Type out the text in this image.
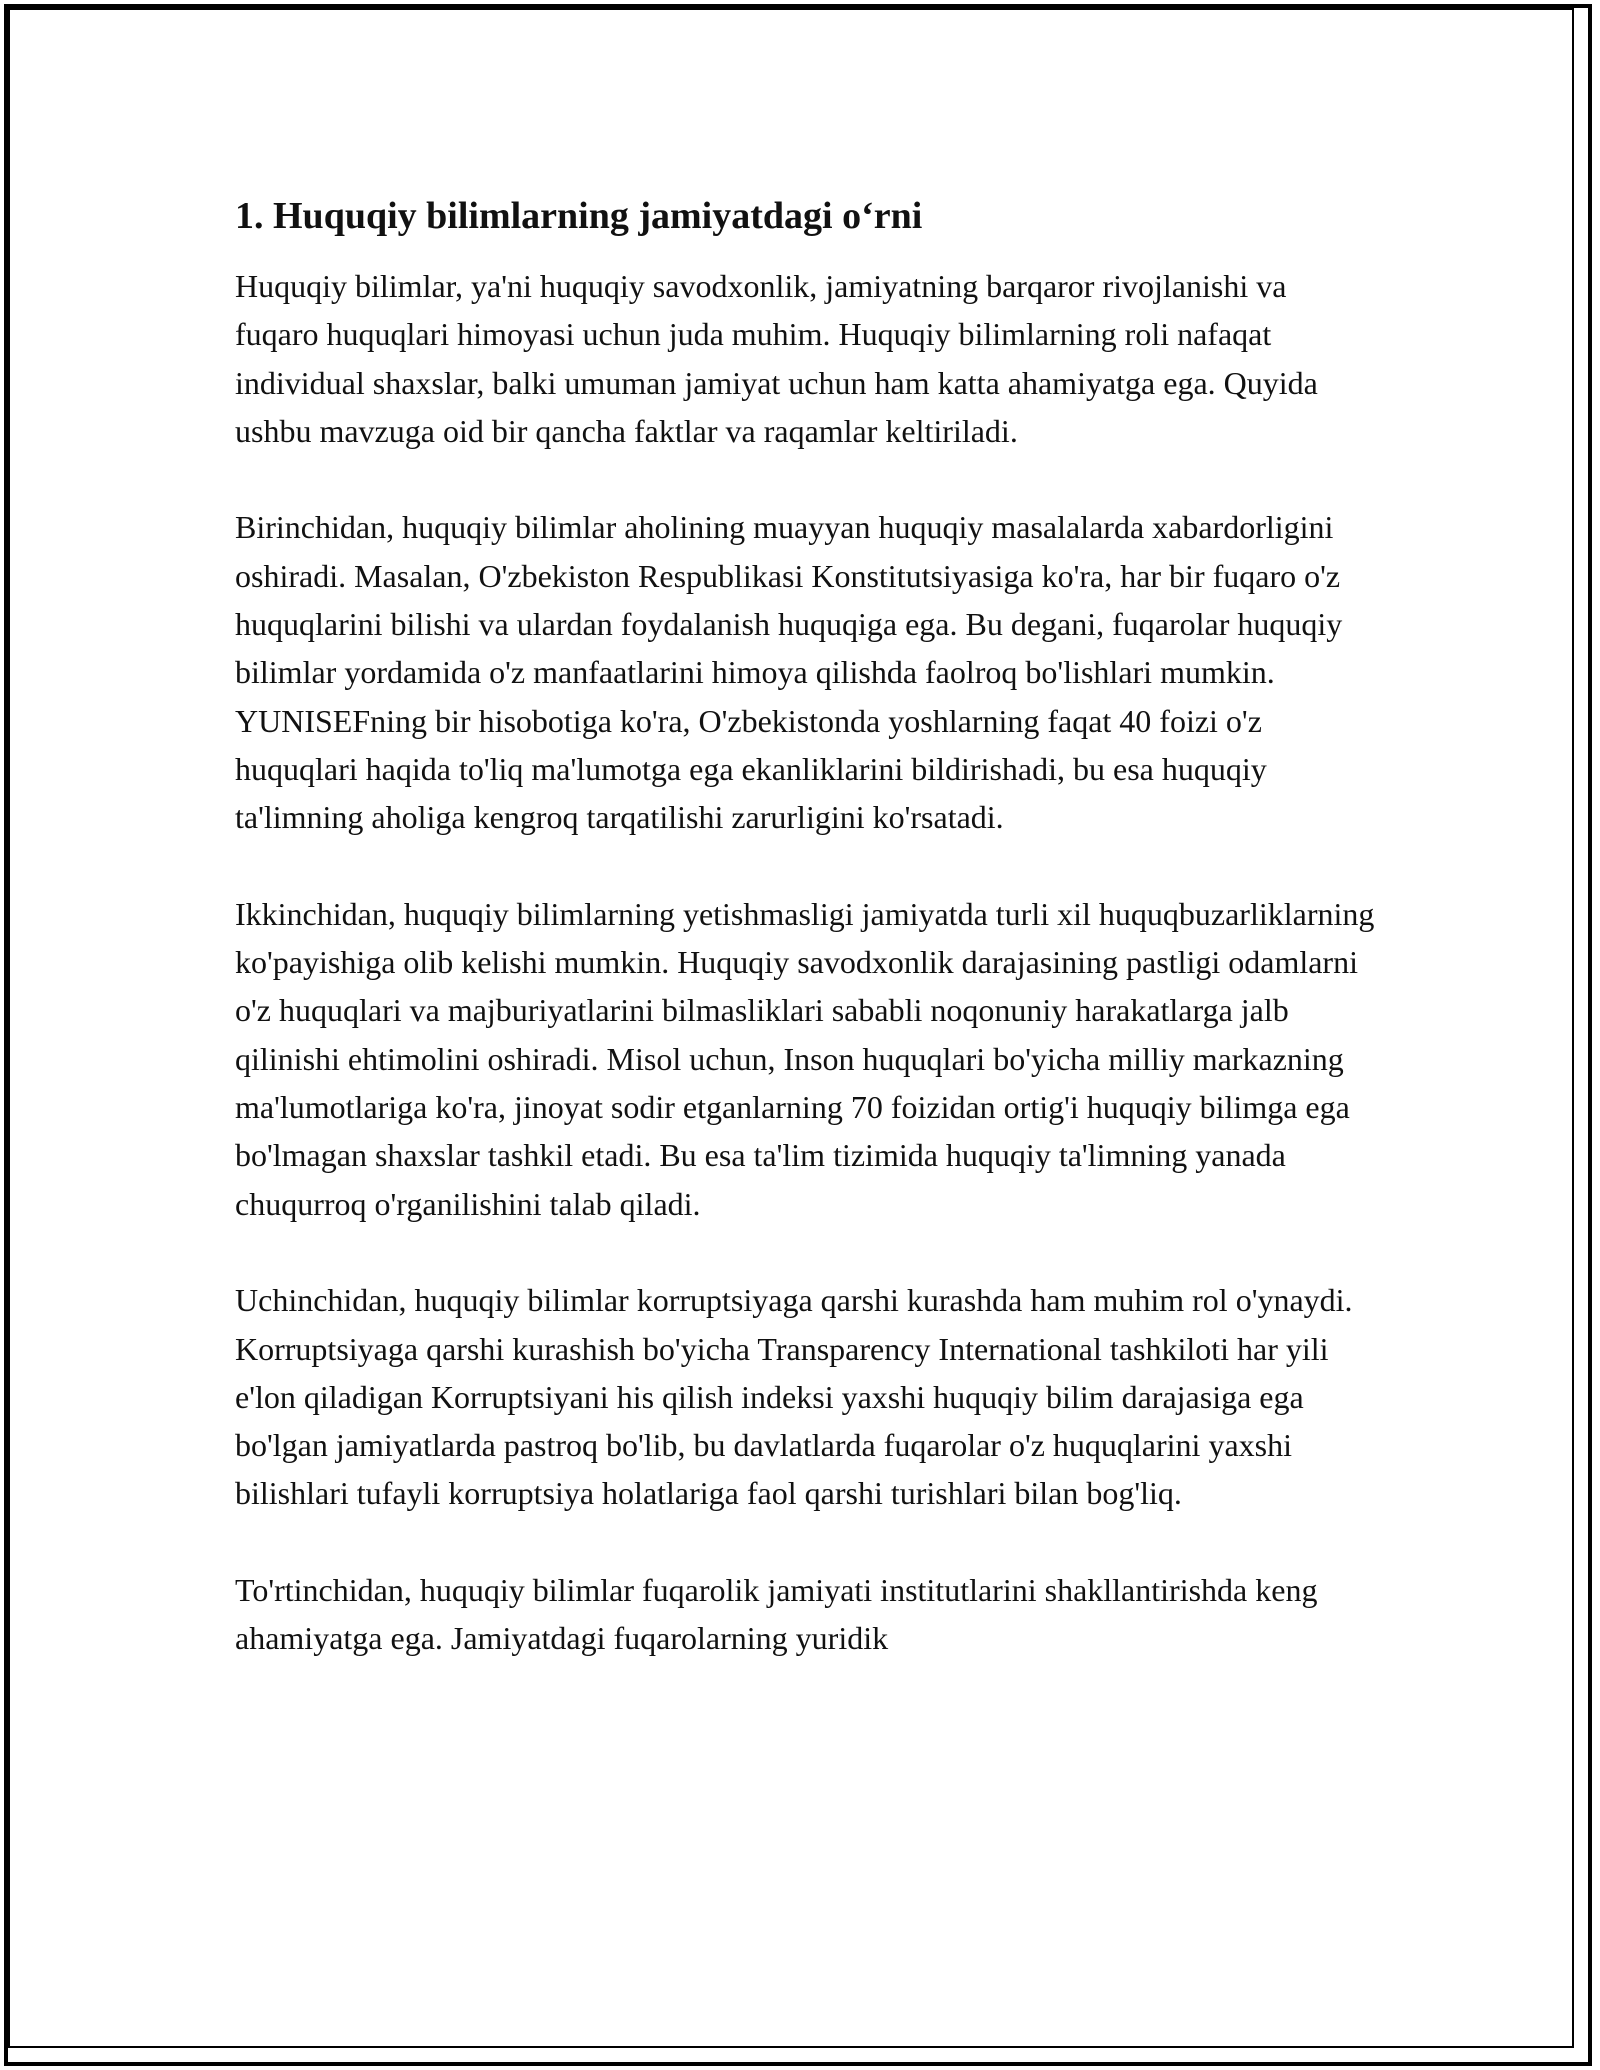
1. Huquqiy bilimlarning jamiyatdagi o‘rni

Huquqiy bilimlar, ya'ni huquqiy savodxonlik, jamiyatning barqaror rivojlanishi va fuqaro huquqlari himoyasi uchun juda muhim. Huquqiy bilimlarning roli nafaqat individual shaxslar, balki umuman jamiyat uchun ham katta ahamiyatga ega. Quyida ushbu mavzuga oid bir qancha faktlar va raqamlar keltiriladi.

Birinchidan, huquqiy bilimlar aholining muayyan huquqiy masalalarda xabardorligini oshiradi. Masalan, O'zbekiston Respublikasi Konstitutsiyasiga ko'ra, har bir fuqaro o'z huquqlarini bilishi va ulardan foydalanish huquqiga ega. Bu degani, fuqarolar huquqiy bilimlar yordamida o'z manfaatlarini himoya qilishda faolroq bo'lishlari mumkin. YUNISEFning bir hisobotiga ko'ra, O'zbekistonda yoshlarning faqat 40 foizi o'z huquqlari haqida to'liq ma'lumotga ega ekanliklarini bildirishadi, bu esa huquqiy ta'limning aholiga kengroq tarqatilishi zarurligini ko'rsatadi.

Ikkinchidan, huquqiy bilimlarning yetishmasligi jamiyatda turli xil huquqbuzarliklarning ko'payishiga olib kelishi mumkin. Huquqiy savodxonlik darajasining pastligi odamlarni o'z huquqlari va majburiyatlarini bilmasliklari sababli noqonuniy harakatlarga jalb qilinishi ehtimolini oshiradi. Misol uchun, Inson huquqlari bo'yicha milliy markazning ma'lumotlariga ko'ra, jinoyat sodir etganlarning 70 foizidan ortig'i huquqiy bilimga ega bo'lmagan shaxslar tashkil etadi. Bu esa ta'lim tizimida huquqiy ta'limning yanada chuqurroq o'rganilishini talab qiladi.

Uchinchidan, huquqiy bilimlar korruptsiyaga qarshi kurashda ham muhim rol o'ynaydi. Korruptsiyaga qarshi kurashish bo'yicha Transparency International tashkiloti har yili e'lon qiladigan Korruptsiyani his qilish indeksi yaxshi huquqiy bilim darajasiga ega bo'lgan jamiyatlarda pastroq bo'lib, bu davlatlarda fuqarolar o'z huquqlarini yaxshi bilishlari tufayli korruptsiya holatlariga faol qarshi turishlari bilan bog'liq.

To'rtinchidan, huquqiy bilimlar fuqarolik jamiyati institutlarini shakllantirishda keng ahamiyatga ega. Jamiyatdagi fuqarolarning yuridik
